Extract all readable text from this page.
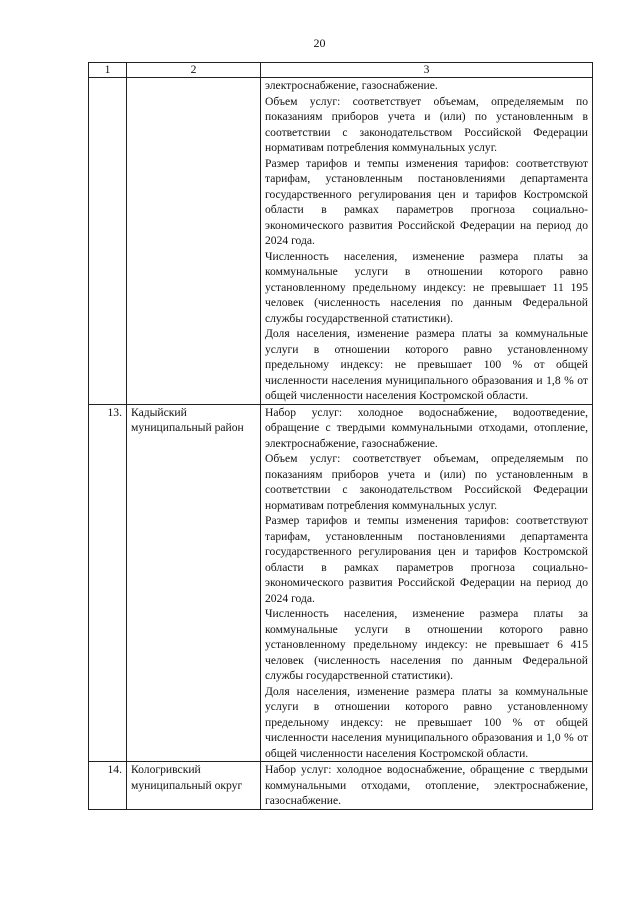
20
1	2	3

		электроснабжение, газоснабжение.

Объем услуг: соответствует объемам, определяемым по показаниям приборов учета и (или) по установленным в соответствии с законодательством Российской Федерации нормативам потребления коммунальных услуг.

Размер тарифов и темпы изменения тарифов: соответствуют тарифам, установленным постановлениями департамента государственного регулирования цен и тарифов Костромской области в рамках параметров прогноза социально-экономического развития Российской Федерации на период до 2024 года.

Численность населения, изменение размера платы за коммунальные услуги в отношении которого равно установленному предельному индексу: не превышает 11 195 человек (численность населения по данным Федеральной службы государственной статистики).

Доля населения, изменение размера платы за коммунальные услуги в отношении которого равно установленному предельному индексу: не превышает 100 % от общей численности населения муниципального образования и 1,8 % от общей численности населения Костромской области.

13.	Кадыйский муниципальный район	Набор услуг: холодное водоснабжение, водоотведение, обращение с твердыми коммунальными отходами, отопление, электроснабжение, газоснабжение.

Объем услуг: соответствует объемам, определяемым по показаниям приборов учета и (или) по установленным в соответствии с законодательством Российской Федерации нормативам потребления коммунальных услуг.

Размер тарифов и темпы изменения тарифов: соответствуют тарифам, установленным постановлениями департамента государственного регулирования цен и тарифов Костромской области в рамках параметров прогноза социально-экономического развития Российской Федерации на период до 2024 года.

Численность населения, изменение размера платы за коммунальные услуги в отношении которого равно установленному предельному индексу: не превышает 6 415 человек (численность населения по данным Федеральной службы государственной статистики).

Доля населения, изменение размера платы за коммунальные услуги в отношении которого равно установленному предельному индексу: не превышает 100 % от общей численности населения муниципального образования и 1,0 % от общей численности населения Костромской области.

14.	Кологривский муниципальный округ	Набор услуг: холодное водоснабжение, обращение с твердыми коммунальными отходами, отопление, электроснабжение, газоснабжение.
